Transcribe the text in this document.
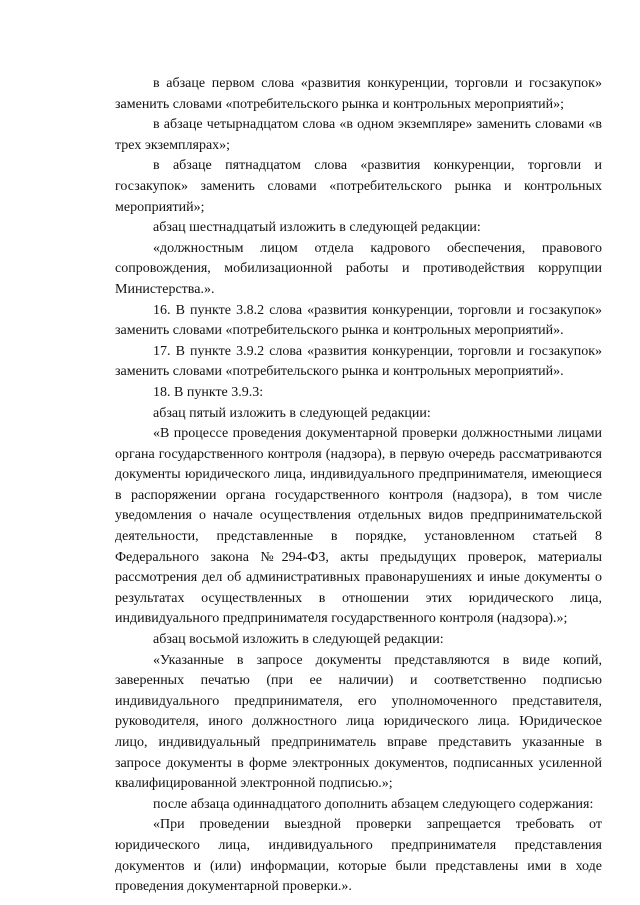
в абзаце первом слова «развития конкуренции, торговли и госзакупок» заменить словами «потребительского рынка и контрольных мероприятий»;

в абзаце четырнадцатом слова «в одном экземпляре» заменить словами «в трех экземплярах»;

в абзаце пятнадцатом слова «развития конкуренции, торговли и госзакупок» заменить словами «потребительского рынка и контрольных мероприятий»;

абзац шестнадцатый изложить в следующей редакции:

«должностным лицом отдела кадрового обеспечения, правового сопровождения, мобилизационной работы и противодействия коррупции Министерства.».

16. В пункте 3.8.2 слова «развития конкуренции, торговли и госзакупок» заменить словами «потребительского рынка и контрольных мероприятий».

17. В пункте 3.9.2 слова «развития конкуренции, торговли и госзакупок» заменить словами «потребительского рынка и контрольных мероприятий».

18. В пункте 3.9.3:

абзац пятый изложить в следующей редакции:

«В процессе проведения документарной проверки должностными лицами органа государственного контроля (надзора), в первую очередь рассматриваются документы юридического лица, индивидуального предпринимателя, имеющиеся в распоряжении органа государственного контроля (надзора), в том числе уведомления о начале осуществления отдельных видов предпринимательской деятельности, представленные в порядке, установленном статьей 8 Федерального закона №294-ФЗ, акты предыдущих проверок, материалы рассмотрения дел об административных правонарушениях и иные документы о результатах осуществленных в отношении этих юридического лица, индивидуального предпринимателя государственного контроля (надзора).»;

абзац восьмой изложить в следующей редакции:

«Указанные в запросе документы представляются в виде копий, заверенных печатью (при ее наличии) и соответственно подписью индивидуального предпринимателя, его уполномоченного представителя, руководителя, иного должностного лица юридического лица. Юридическое лицо, индивидуальный предприниматель вправе представить указанные в запросе документы в форме электронных документов, подписанных усиленной квалифицированной электронной подписью.»;

после абзаца одиннадцатого дополнить абзацем следующего содержания:

«При проведении выездной проверки запрещается требовать от юридического лица, индивидуального предпринимателя представления документов и (или) информации, которые были представлены ими в ходе проведения документарной проверки.».
